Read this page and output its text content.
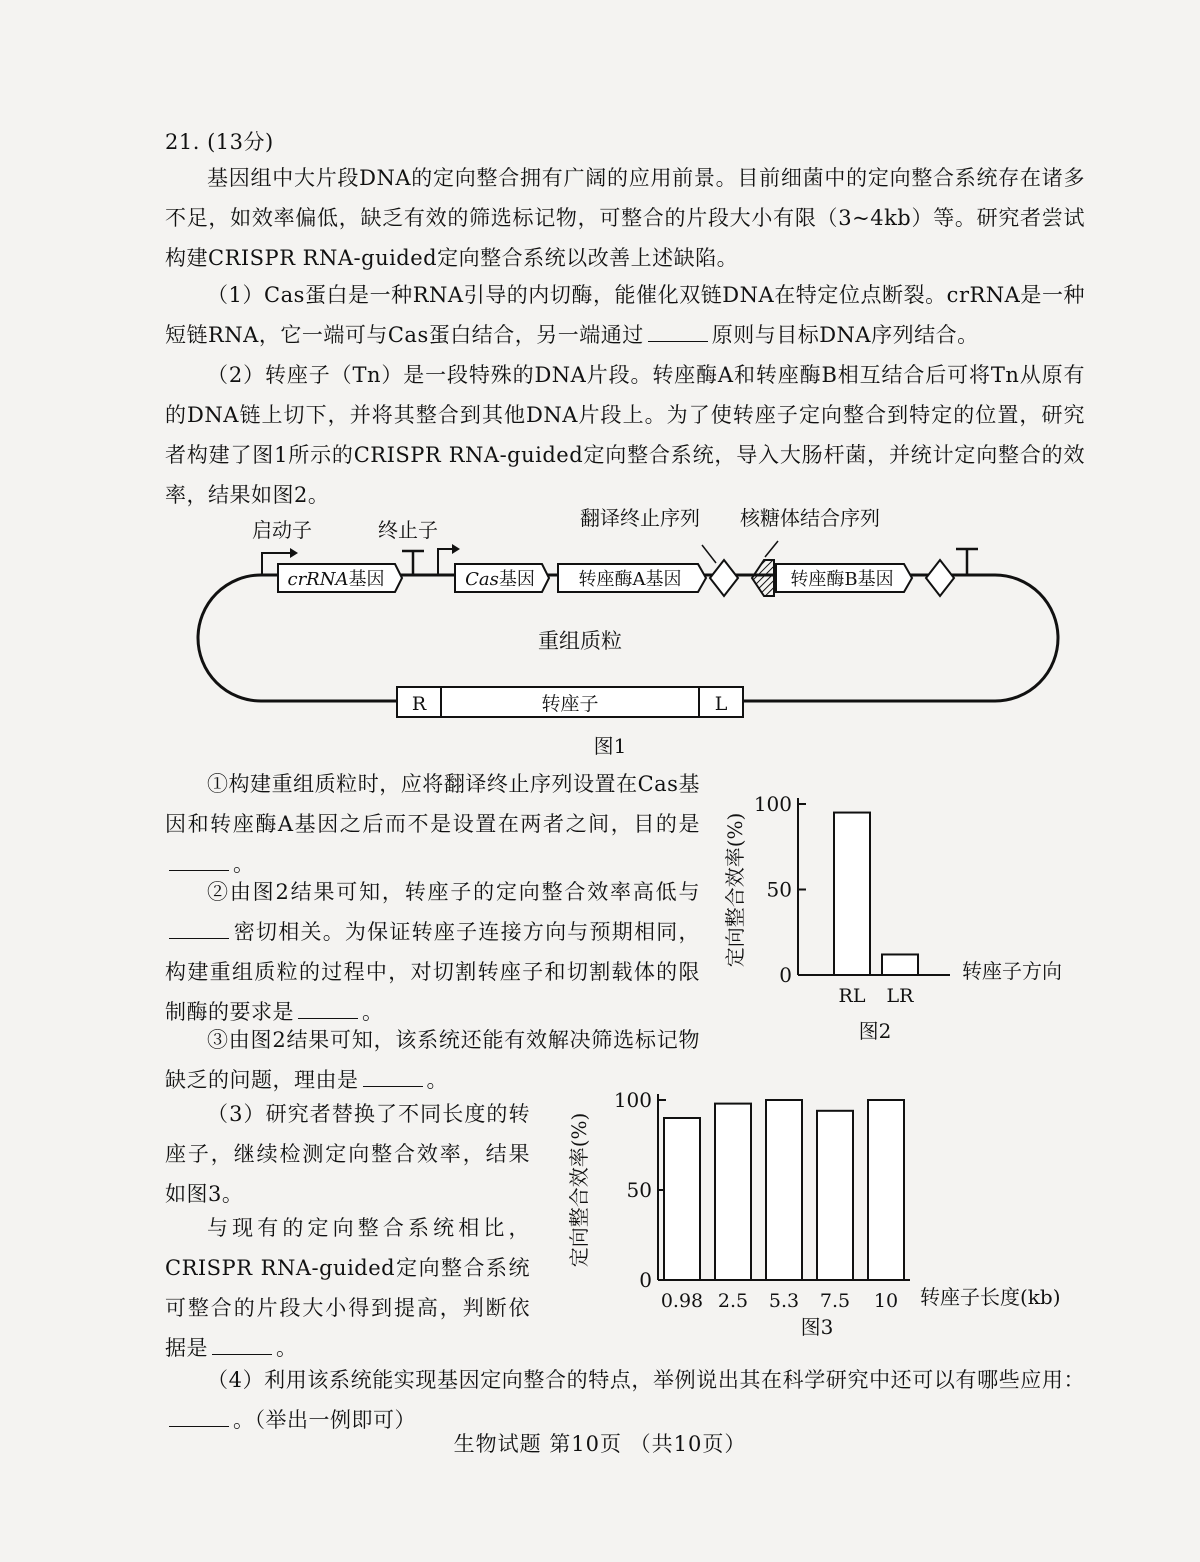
21. (13分)
基因组中大片段DNA的定向整合拥有广阔的应用前景。目前细菌中的定向整合系统存在诸多不足，如效率偏低，缺乏有效的筛选标记物，可整合的片段大小有限（3~4kb）等。研究者尝试构建CRISPR RNA-guided定向整合系统以改善上述缺陷。
（1）Cas蛋白是一种RNA引导的内切酶，能催化双链DNA在特定位点断裂。crRNA是一种短链RNA，它一端可与Cas蛋白结合，另一端通过	原则与目标DNA序列结合。
（2）转座子（Tn）是一段特殊的DNA片段。转座酶A和转座酶B相互结合后可将Tn从原有的DNA链上切下，并将其整合到其他DNA片段上。为了使转座子定向整合到特定的位置，研究者构建了图1所示的CRISPR RNA-guided定向整合系统，导入大肠杆菌，并统计定向整合的效率，结果如图2。
crRNA基因
启动子	终止子
Cas基因 转座酶A基因
翻译终止序列 核糖体结合序列
转座酶B基因
重组质粒
R	转座子	L
图1
①构建重组质粒时，应将翻译终止序列设置在Cas基因和转座酶A基因之后而不是设置在两者之间，目的是。
②由图2结果可知，转座子的定向整合效率高低与密切相关。为保证转座子连接方向与预期相同，构建重组质粒的过程中，对切割转座子和切割载体的限制酶的要求是	。
③由图2结果可知，该系统还能有效解决筛选标记物缺乏的问题，理由是	。
（3）研究者替换了不同长度的转座子，继续检测定向整合效率，结果如图3。
与现有的定向整合系统相比，CRISPR RNA-guided定向整合系统可整合的片段大小得到提高，判断依据是	。
（4）利用该系统能实现基因定向整合的特点，举例说出其在科学研究中还可以有哪些应用：。（举出一例即可）
0
50
100
RL LR
转座子方向
定向整合效率(%)
图2
0
50
100
0.98 2.5 5.3 7.5 10 转座子长度(kb)
定向整合效率(%)
图3
生物试题 第10页 （共10页）
